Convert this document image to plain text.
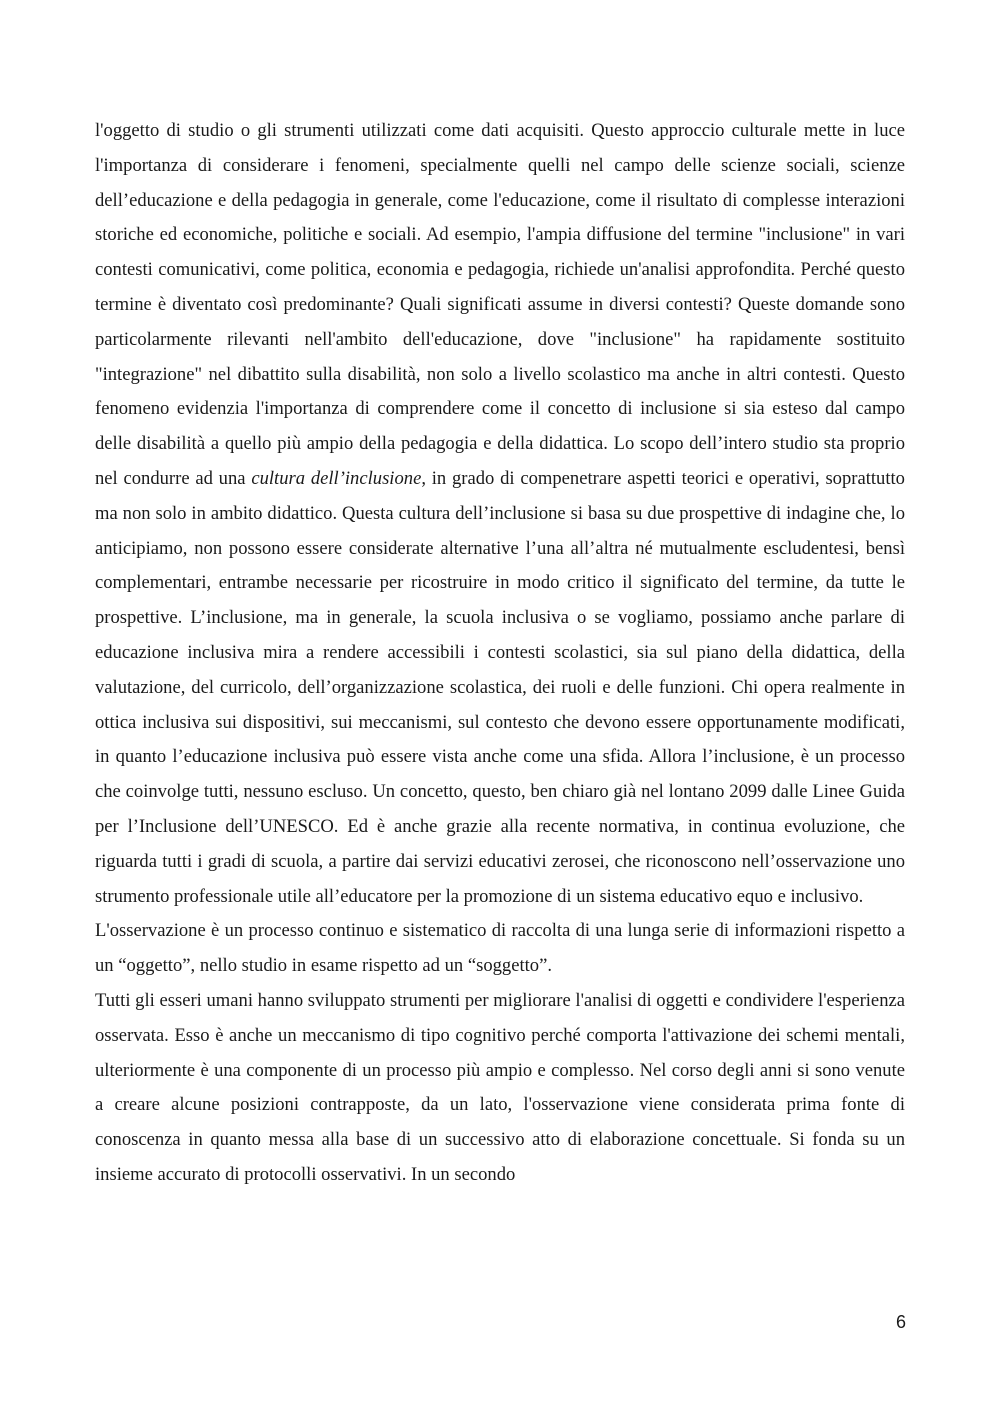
l'oggetto di studio o gli strumenti utilizzati come dati acquisiti. Questo approccio culturale mette in luce l'importanza di considerare i fenomeni, specialmente quelli nel campo delle scienze sociali, scienze dell’educazione e della pedagogia in generale, come l'educazione, come il risultato di complesse interazioni storiche ed economiche, politiche e sociali. Ad esempio, l'ampia diffusione del termine "inclusione" in vari contesti comunicativi, come politica, economia e pedagogia, richiede un'analisi approfondita. Perché questo termine è diventato così predominante? Quali significati assume in diversi contesti? Queste domande sono particolarmente rilevanti nell'ambito dell'educazione, dove "inclusione" ha rapidamente sostituito "integrazione" nel dibattito sulla disabilità, non solo a livello scolastico ma anche in altri contesti. Questo fenomeno evidenzia l'importanza di comprendere come il concetto di inclusione si sia esteso dal campo delle disabilità a quello più ampio della pedagogia e della didattica. Lo scopo dell’intero studio sta proprio nel condurre ad una cultura dell’inclusione, in grado di compenetrare aspetti teorici e operativi, soprattutto ma non solo in ambito didattico. Questa cultura dell’inclusione si basa su due prospettive di indagine che, lo anticipiamo, non possono essere considerate alternative l’una all’altra né mutualmente escludentesi, bensì complementari, entrambe necessarie per ricostruire in modo critico il significato del termine, da tutte le prospettive. L’inclusione, ma in generale, la scuola inclusiva o se vogliamo, possiamo anche parlare di educazione inclusiva mira a rendere accessibili i contesti scolastici, sia sul piano della didattica, della valutazione, del curricolo, dell’organizzazione scolastica, dei ruoli e delle funzioni. Chi opera realmente in ottica inclusiva sui dispositivi, sui meccanismi, sul contesto che devono essere opportunamente modificati, in quanto l’educazione inclusiva può essere vista anche come una sfida. Allora l’inclusione, è un processo che coinvolge tutti, nessuno escluso. Un concetto, questo, ben chiaro già nel lontano 2099 dalle Linee Guida per l’Inclusione dell’UNESCO. Ed è anche grazie alla recente normativa, in continua evoluzione, che riguarda tutti i gradi di scuola, a partire dai servizi educativi zerosei, che riconoscono nell’osservazione uno strumento professionale utile all’educatore per la promozione di un sistema educativo equo e inclusivo.

L'osservazione è un processo continuo e sistematico di raccolta di una lunga serie di informazioni rispetto a un “oggetto”, nello studio in esame rispetto ad un “soggetto”.

Tutti gli esseri umani hanno sviluppato strumenti per migliorare l'analisi di oggetti e condividere l'esperienza osservata. Esso è anche un meccanismo di tipo cognitivo perché comporta l'attivazione dei schemi mentali, ulteriormente è una componente di un processo più ampio e complesso. Nel corso degli anni si sono venute a creare alcune posizioni contrapposte, da un lato, l'osservazione viene considerata prima fonte di conoscenza in quanto messa alla base di un successivo atto di elaborazione concettuale. Si fonda su un insieme accurato di protocolli osservativi. In un secondo

6
